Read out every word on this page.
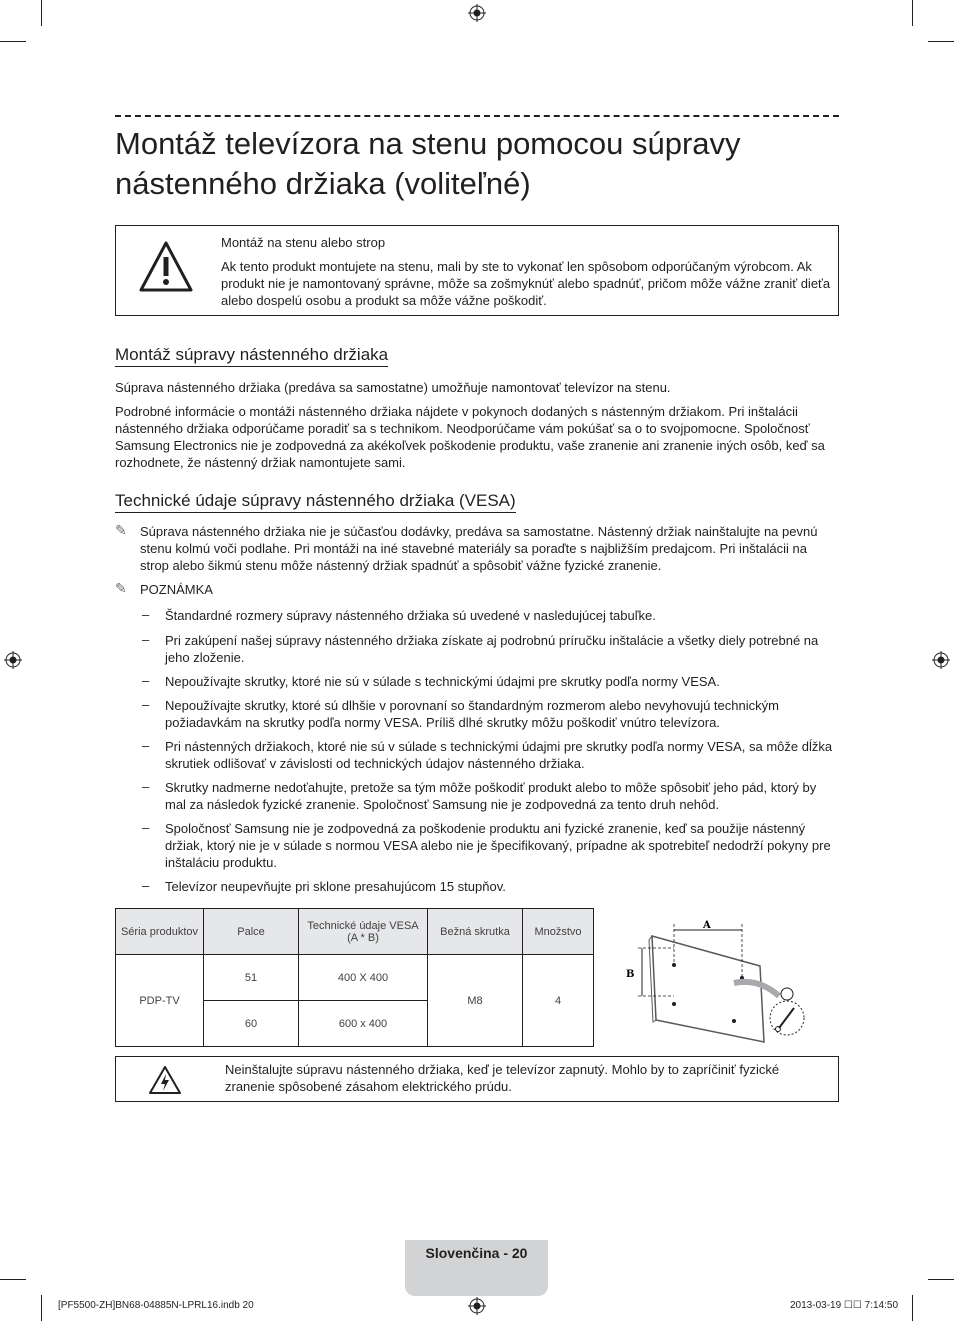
Montáž televízora na stenu pomocou súpravy
nástenného držiaka (voliteľné)
Montáž na stenu alebo strop
Ak tento produkt montujete na stenu, mali by ste to vykonať len spôsobom odporúčaným výrobcom. Ak produkt nie je namontovaný správne, môže sa zošmyknúť alebo spadnúť, pričom môže vážne zraniť dieťa alebo dospelú osobu a produkt sa môže vážne poškodiť.
Montáž súpravy nástenného držiaka

Súprava nástenného držiaka (predáva sa samostatne) umožňuje namontovať televízor na stenu.

Podrobné informácie o montáži nástenného držiaka nájdete v pokynoch dodaných s nástenným držiakom. Pri inštalácii nástenného držiaka odporúčame poradiť sa s technikom. Neodporúčame vám pokúšať sa o to svojpomocne. Spoločnosť Samsung Electronics nie je zodpovedná za akékoľvek poškodenie produktu, vaše zranenie ani zranenie iných osôb, keď sa rozhodnete, že nástenný držiak namontujete sami.

Technické údaje súpravy nástenného držiaka (VESA)
✎ Súprava nástenného držiaka nie je súčasťou dodávky, predáva sa samostatne. Nástenný držiak nainštalujte na pevnú stenu kolmú voči podlahe. Pri montáži na iné stavebné materiály sa poraďte s najbližším predajcom. Pri inštalácii na strop alebo šikmú stenu môže nástenný držiak spadnúť a spôsobiť vážne fyzické zranenie.

✎ POZNÁMKA
– Štandardné rozmery súpravy nástenného držiaka sú uvedené v nasledujúcej tabuľke.

– Pri zakúpení našej súpravy nástenného držiaka získate aj podrobnú príručku inštalácie a všetky diely potrebné na jeho zloženie.

– Nepoužívajte skrutky, ktoré nie sú v súlade s technickými údajmi pre skrutky podľa normy VESA.

– Nepoužívajte skrutky, ktoré sú dlhšie v porovnaní so štandardným rozmerom alebo nevyhovujú technickým požiadavkám na skrutky podľa normy VESA. Príliš dlhé skrutky môžu poškodiť vnútro televízora.

– Pri nástenných držiakoch, ktoré nie sú v súlade s technickými údajmi pre skrutky podľa normy VESA, sa môže dĺžka skrutiek odlišovať v závislosti od technických údajov nástenného držiaka.

– Skrutky nadmerne nedoťahujte, pretože sa tým môže poškodiť produkt alebo to môže spôsobiť jeho pád, ktorý by mal za následok fyzické zranenie. Spoločnosť Samsung nie je zodpovedná za tento druh nehôd.

– Spoločnosť Samsung nie je zodpovedná za poškodenie produktu ani fyzické zranenie, keď sa použije nástenný držiak, ktorý nie je v súlade s normou VESA alebo nie je špecifikovaný, prípadne ak spotrebiteľ nedodrží pokyny pre inštaláciu produktu.

– Televízor neupevňujte pri sklone presahujúcom 15 stupňov.

Séria produktov	Palce	Technické údaje VESA (A * B)	Bežná skrutka	Množstvo
PDP-TV	51	400 X 400	M8	4
	60	600 x 400		
A
B
Neinštalujte súpravu nástenného držiaka, keď je televízor zapnutý. Mohlo by to zapríčiniť fyzické zranenie spôsobené zásahom elektrického prúdu.
Slovenčina - 20
[PF5500-ZH]BN68-04885N-LPRL16.indb 20	2013-03-19 ☐☐ 7:14:50
